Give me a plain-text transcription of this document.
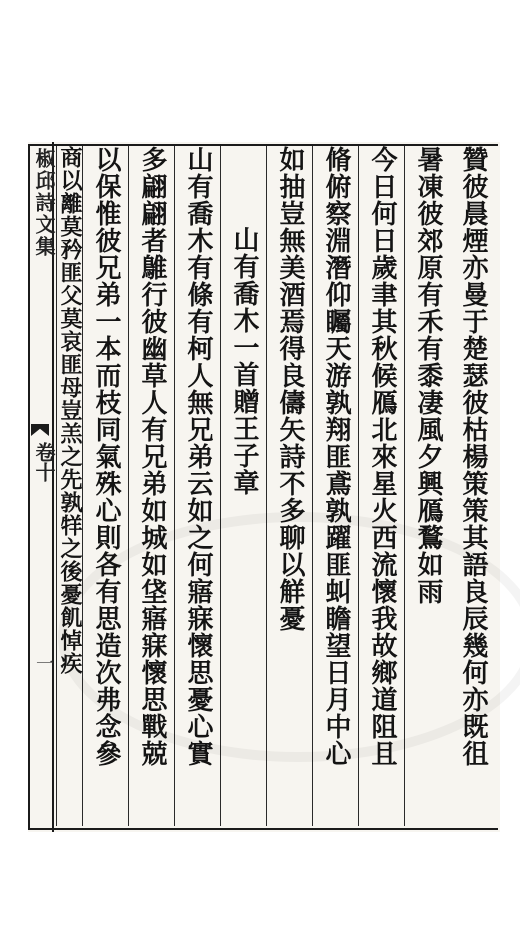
椒邱詩文集
卷十
一	贊彼晨煙亦曼于楚瑟彼枯楊策策其語良辰幾何亦既徂
暑凍彼郊原有禾有黍凄風夕興鴈鶩如雨
今日何日歲聿其秋候鴈北來星火西流懷我故鄉道阻且
脩俯察淵潛仰矚天游孰翔匪鳶孰躍匪虯瞻望日月中心
如抽豈無美酒焉得良儔矢詩不多聊以觧憂
山有喬木一首贈王子章
山有喬木有條有柯人無兄弟云如之何寤寐懷思憂心實
多翩翩者鵻行彼幽草人有兄弟如城如垡寤寐懷思戰兢
以保惟彼兄弟一本而枝同氣殊心則各有思造次弗念參
商以離莫矜匪父莫哀匪母豈羔之先孰䍧之後憂飢悼疾
